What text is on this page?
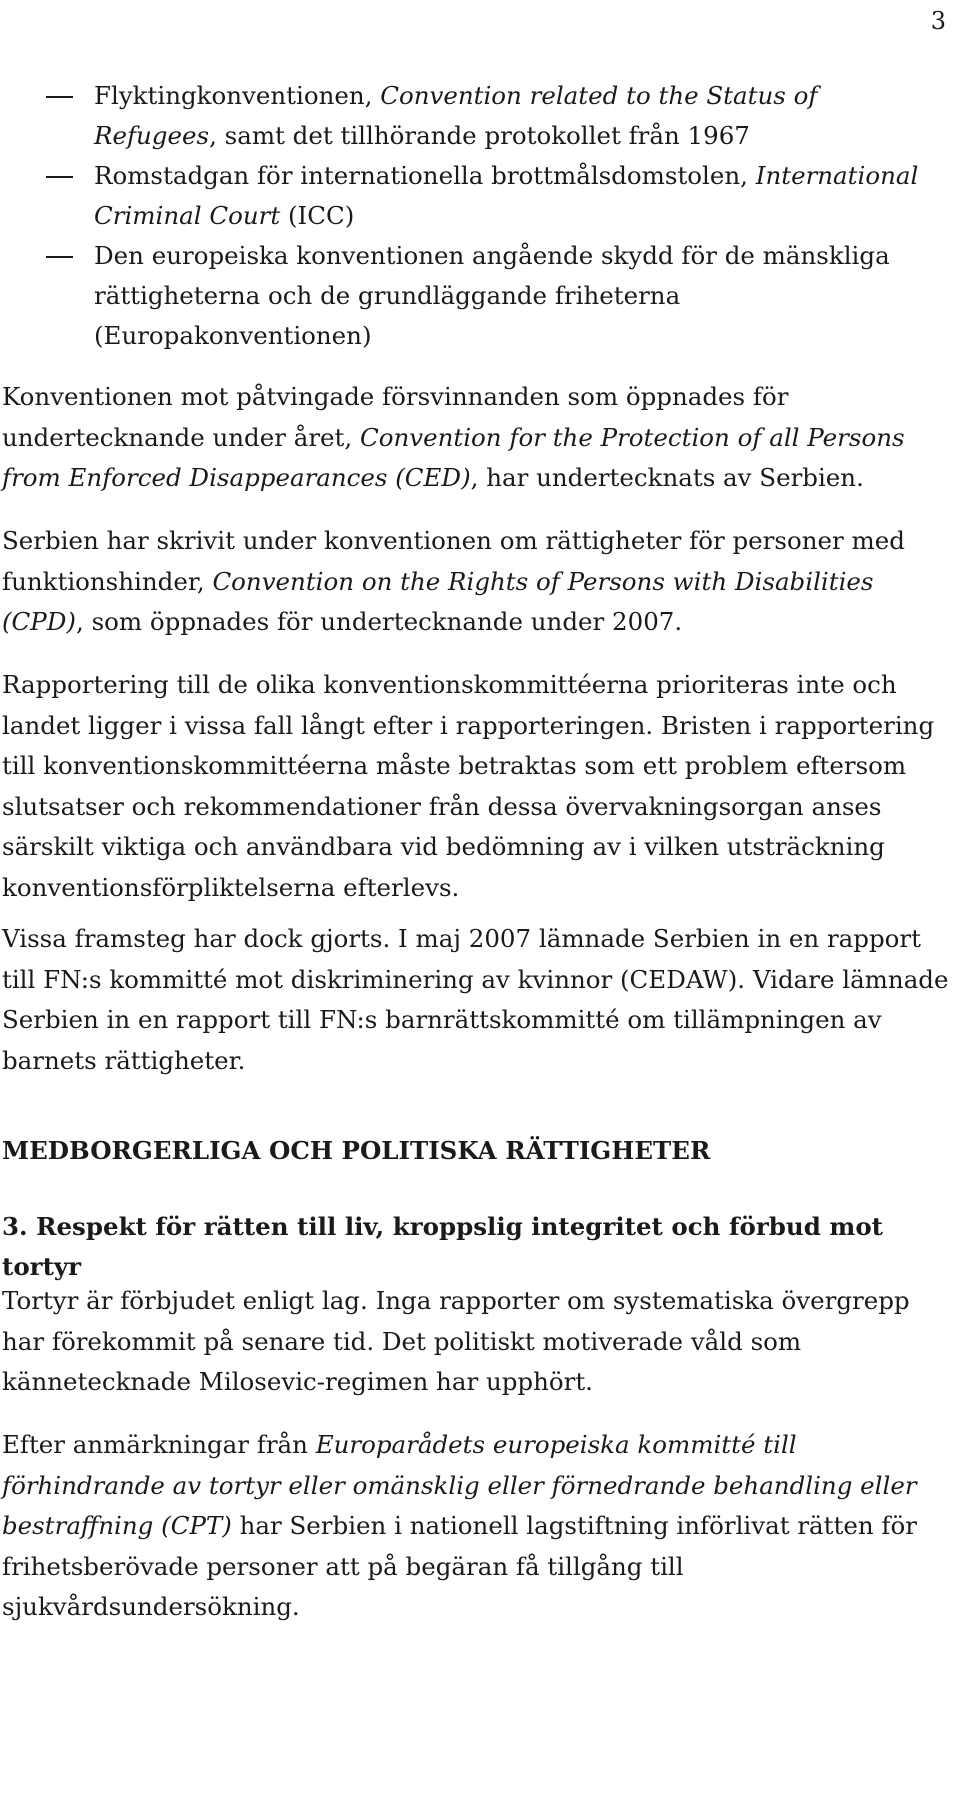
3
Flyktingkonventionen, Convention related to the Status of Refugees, samt det tillhörande protokollet från 1967
Romstadgan för internationella brottmålsdomstolen, International Criminal Court (ICC)
Den europeiska konventionen angående skydd för de mänskliga rättigheterna och de grundläggande friheterna (Europakonventionen)

Konventionen mot påtvingade försvinnanden som öppnades för undertecknande under året, Convention for the Protection of all Persons from Enforced Disappearances (CED), har undertecknats av Serbien.

Serbien har skrivit under konventionen om rättigheter för personer med funktionshinder, Convention on the Rights of Persons with Disabilities (CPD), som öppnades för undertecknande under 2007.

Rapportering till de olika konventionskommittéerna prioriteras inte och landet ligger i vissa fall långt efter i rapporteringen. Bristen i rapportering till konventionskommittéerna måste betraktas som ett problem eftersom slutsatser och rekommendationer från dessa övervakningsorgan anses särskilt viktiga och användbara vid bedömning av i vilken utsträckning konventionsförpliktelserna efterlevs.

Vissa framsteg har dock gjorts. I maj 2007 lämnade Serbien in en rapport till FN:s kommitté mot diskriminering av kvinnor (CEDAW). Vidare lämnade Serbien in en rapport till FN:s barnrättskommitté om tillämpningen av barnets rättigheter.

MEDBORGERLIGA OCH POLITISKA RÄTTIGHETER
3. Respekt för rätten till liv, kroppslig integritet och förbud mot tortyr

Tortyr är förbjudet enligt lag. Inga rapporter om systematiska övergrepp har förekommit på senare tid. Det politiskt motiverade våld som kännetecknade Milosevic-regimen har upphört.

Efter anmärkningar från Europarådets europeiska kommitté till förhindrande av tortyr eller omänsklig eller förnedrande behandling eller bestraffning (CPT) har Serbien i nationell lagstiftning införlivat rätten för frihetsberövade personer att på begäran få tillgång till sjukvårdsundersökning.
